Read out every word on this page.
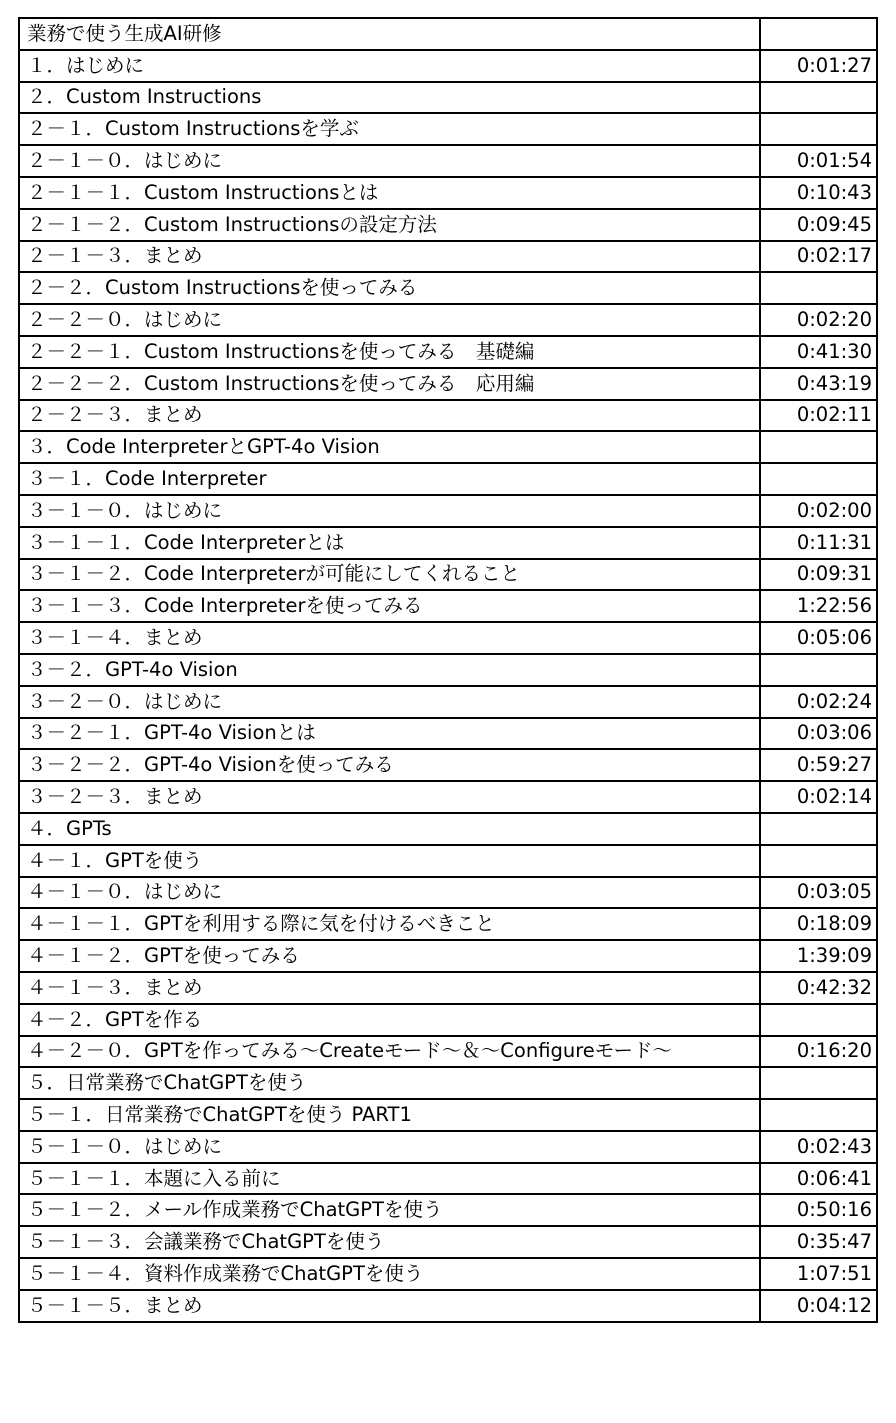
業務で使う生成AI研修	
１．はじめに	0:01:27
２．Custom Instructions	
２－１．Custom Instructionsを学ぶ	
２－１－０．はじめに	0:01:54
２－１－１．Custom Instructionsとは	0:10:43
２－１－２．Custom Instructionsの設定方法	0:09:45
２－１－３．まとめ	0:02:17
２－２．Custom Instructionsを使ってみる	
２－２－０．はじめに	0:02:20
２－２－１．Custom Instructionsを使ってみる　基礎編	0:41:30
２－２－２．Custom Instructionsを使ってみる　応用編	0:43:19
２－２－３．まとめ	0:02:11
３．Code InterpreterとGPT-4o Vision	
３－１．Code Interpreter	
３－１－０．はじめに	0:02:00
３－１－１．Code Interpreterとは	0:11:31
３－１－２．Code Interpreterが可能にしてくれること	0:09:31
３－１－３．Code Interpreterを使ってみる	1:22:56
３－１－４．まとめ	0:05:06
３－２．GPT-4o Vision	
３－２－０．はじめに	0:02:24
３－２－１．GPT-4o Visionとは	0:03:06
３－２－２．GPT-4o Visionを使ってみる	0:59:27
３－２－３．まとめ	0:02:14
４．GPTs	
４－１．GPTを使う	
４－１－０．はじめに	0:03:05
４－１－１．GPTを利用する際に気を付けるべきこと	0:18:09
４－１－２．GPTを使ってみる	1:39:09
４－１－３．まとめ	0:42:32
４－２．GPTを作る	
４－２－０．GPTを作ってみる～Createモード～＆～Configureモード～	0:16:20
５．日常業務でChatGPTを使う	
５－１．日常業務でChatGPTを使う PART1	
５－１－０．はじめに	0:02:43
５－１－１．本題に入る前に	0:06:41
５－１－２．メール作成業務でChatGPTを使う	0:50:16
５－１－３．会議業務でChatGPTを使う	0:35:47
５－１－４．資料作成業務でChatGPTを使う	1:07:51
５－１－５．まとめ	0:04:12
